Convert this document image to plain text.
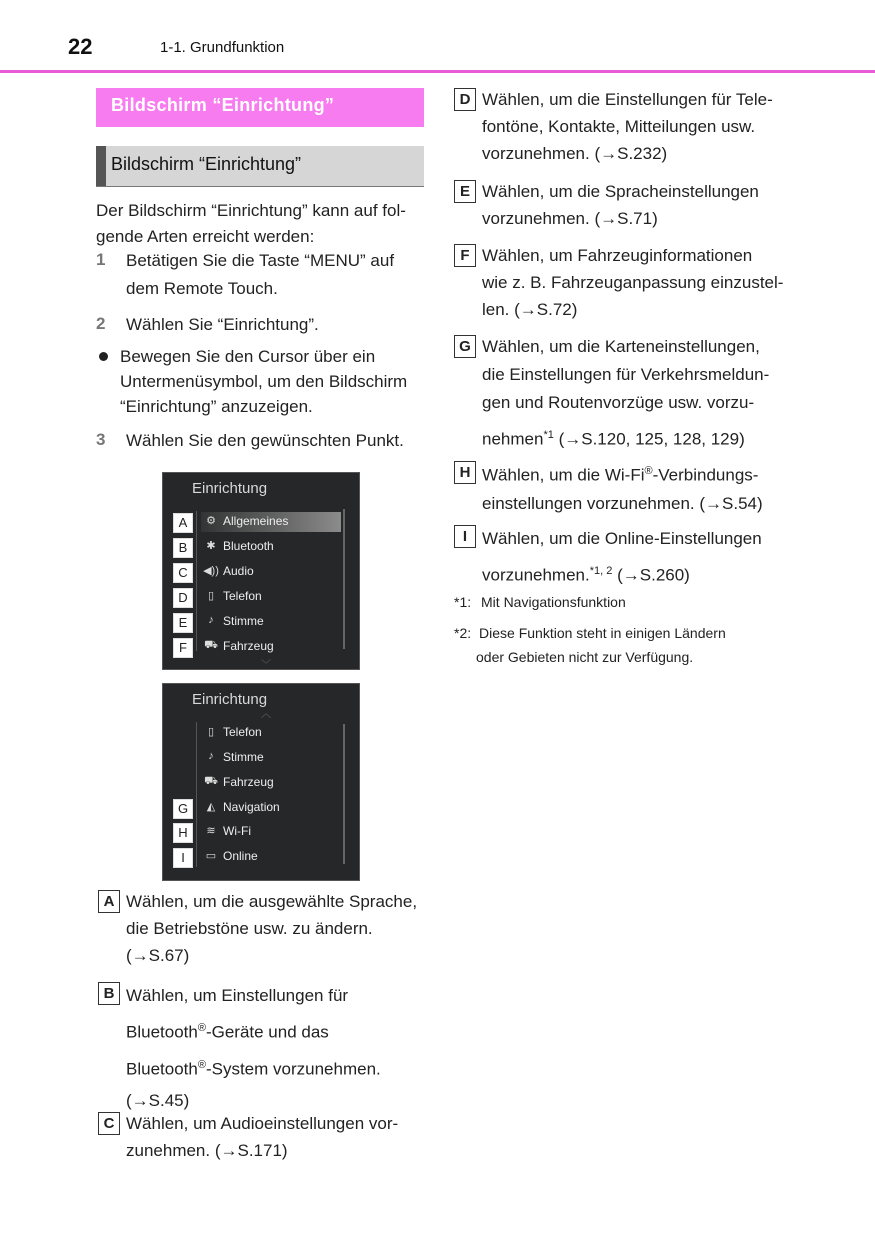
22	1-1. Grundfunktion
Bildschirm “Einrichtung”
Bildschirm “Einrichtung”
Der Bildschirm “Einrichtung” kann auf fol-
gende Arten erreicht werden:
1 Betätigen Sie die Taste “MENU” auf
dem Remote Touch.
2 Wählen Sie “Einrichtung”.
Bewegen Sie den Cursor über ein
Untermenüsymbol, um den Bildschirm
“Einrichtung” anzuzeigen.
3 Wählen Sie den gewünschten Punkt.
Einrichtung
⚙ Allgemeines
A
✱ Bluetooth
B
◀)) Audio
C
▯ Telefon
D
♪ Stimme
E
⛟ Fahrzeug
F
﹀
Einrichtung
︿
▯ Telefon
♪ Stimme
⛟ Fahrzeug
◭ Navigation
G
≋ Wi-Fi
H
▭ Online
I
A Wählen, um die ausgewählte Sprache,
die Betriebstöne usw. zu ändern.
(→S.67)
B Wählen, um Einstellungen für
Bluetooth®-Geräte und das
Bluetooth®-System vorzunehmen.
(→S.45)
C Wählen, um Audioeinstellungen vor-
zunehmen. (→S.171)
D Wählen, um die Einstellungen für Tele-
fontöne, Kontakte, Mitteilungen usw.
vorzunehmen. (→S.232)
E Wählen, um die Spracheinstellungen
vorzunehmen. (→S.71)
F Wählen, um Fahrzeuginformationen
wie z. B. Fahrzeuganpassung einzustel-
len. (→S.72)
G Wählen, um die Karteneinstellungen,
die Einstellungen für Verkehrsmeldun-
gen und Routenvorzüge usw. vorzu-
nehmen$^{*1}$ (→S.120, 125, 128, 129)
H Wählen, um die Wi-Fi®-Verbindungs-
einstellungen vorzunehmen. (→S.54)
I Wählen, um die Online-Einstellungen
vorzunehmen.$^{*1, 2}$ (→S.260)
*1: Mit Navigationsfunktion
*2: Diese Funktion steht in einigen Ländern
oder Gebieten nicht zur Verfügung.
